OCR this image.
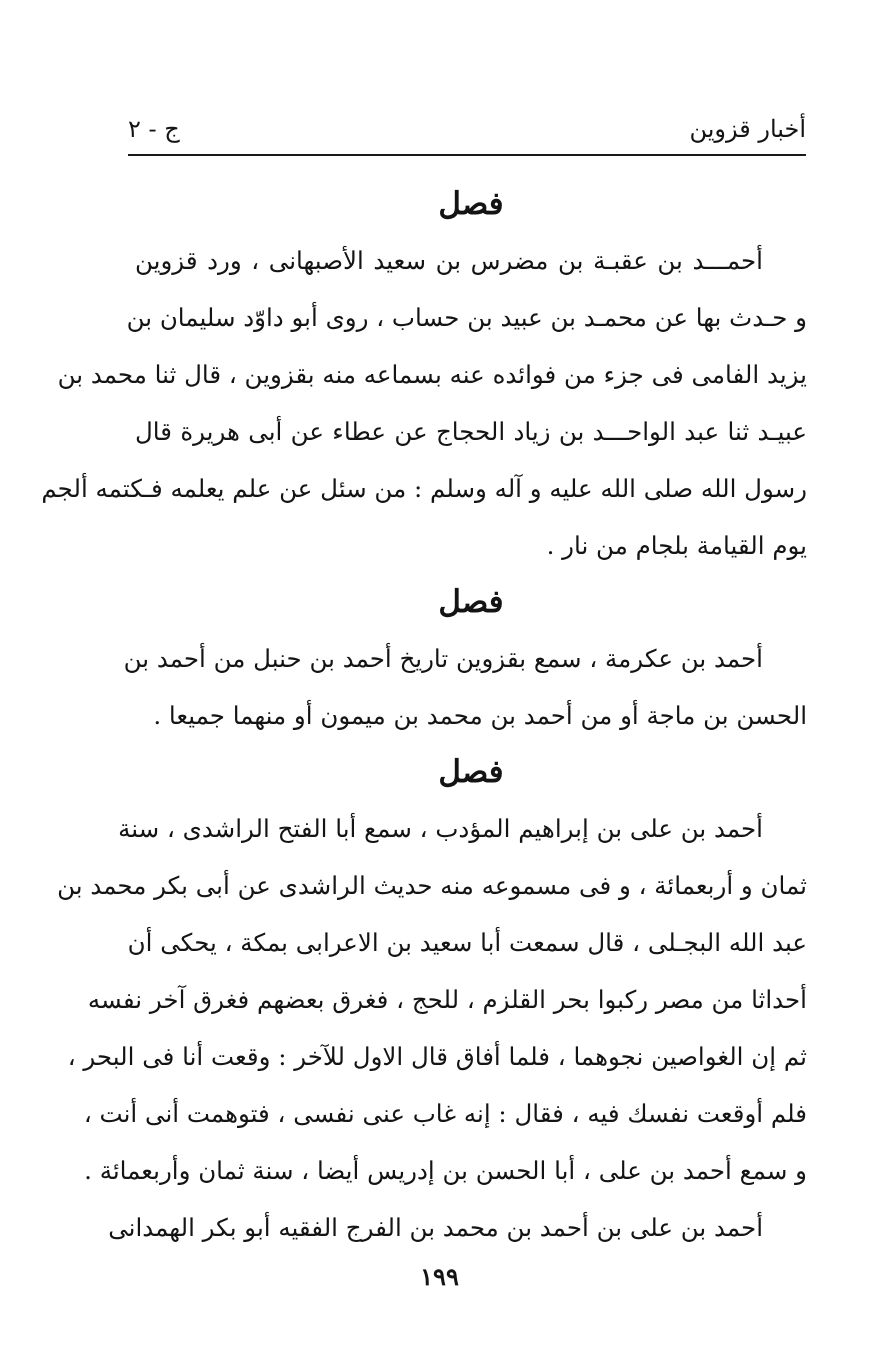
أخبار قزوين
ج - ٢
فصل
أحمـــد بن عقبـة بن مضرس بن سعيد الأصبهانى ، ورد قزوين
و حـدث بها عن محمـد بن عبيد بن حساب ، روى أبو داوّد سليمان بن
يزيد الفامى فى جزء من فوائده عنه بسماعه منه بقزوين ، قال ثنا محمد بن
عبيـد ثنا عبد الواحـــد بن زياد الحجاج عن عطاء عن أبى هريرة قال
رسول الله صلى الله عليه و آله وسلم : من سئل عن علم يعلمه فـكتمه ألجم
يوم القيامة بلجام من نار .
فصل
أحمد بن عكرمة ، سمع بقزوين تاريخ أحمد بن حنبل من أحمد بن
الحسن بن ماجة أو من أحمد بن محمد بن ميمون أو منهما جميعا .
فصل
أحمد بن على بن إبراهيم المؤدب ، سمع أبا الفتح الراشدى ، سنة
ثمان و أربعمائة ، و فى مسموعه منه حديث الراشدى عن أبى بكر محمد بن
عبد الله البجـلى ، قال سمعت أبا سعيد بن الاعرابى بمكة ، يحكى أن
أحداثا من مصر ركبوا بحر القلزم ، للحج ، فغرق بعضهم فغرق آخر نفسه
ثم إن الغواصين نجوهما ، فلما أفاق قال الاول للآخر : وقعت أنا فى البحر ،
فلم أوقعت نفسك فيه ، فقال : إنه غاب عنى نفسى ، فتوهمت أنى أنت ،
و سمع أحمد بن على ، أبا الحسن بن إدريس أيضا ، سنة ثمان وأربعمائة .
أحمد بن على بن أحمد بن محمد بن الفرج الفقيه أبو بكر الهمدانى
١٩٩
